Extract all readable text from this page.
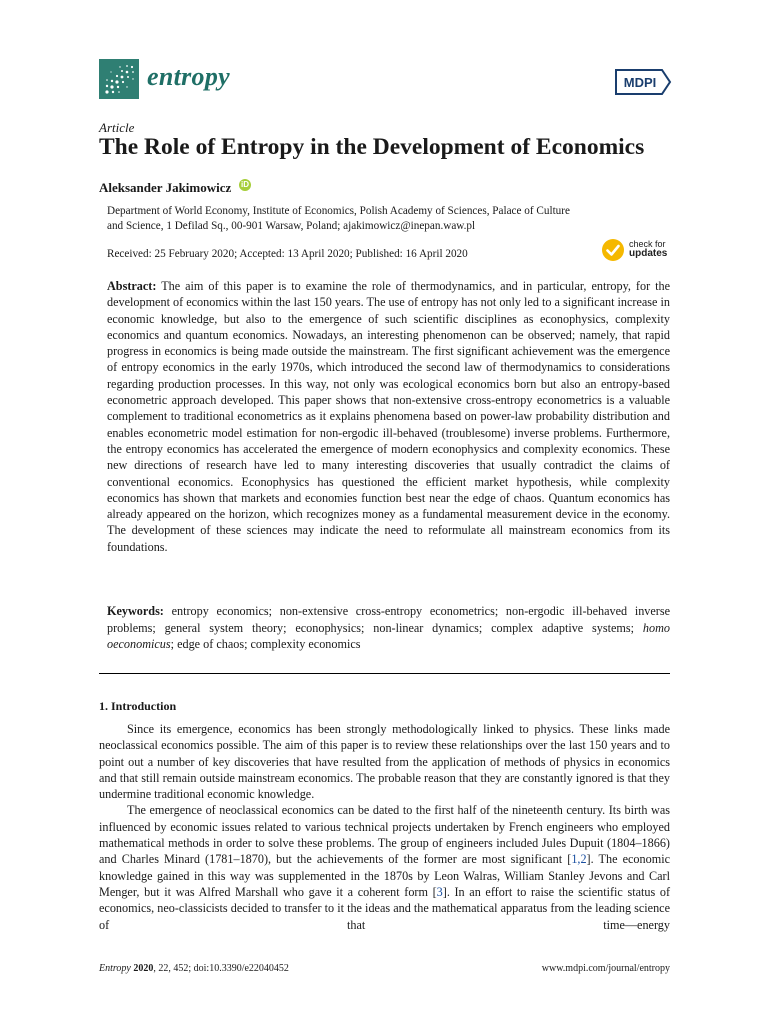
entropy	MDPI
Article
The Role of Entropy in the Development of Economics
Aleksander Jakimowicz iD
Department of World Economy, Institute of Economics, Polish Academy of Sciences, Palace of Culture
and Science, 1 Defilad Sq., 00-901 Warsaw, Poland; ajakimowicz@inepan.waw.pl
Received: 25 February 2020; Accepted: 13 April 2020; Published: 16 April 2020
check for
updates
Abstract: The aim of this paper is to examine the role of thermodynamics, and in particular, entropy, for the development of economics within the last 150 years. The use of entropy has not only led to a significant increase in economic knowledge, but also to the emergence of such scientific disciplines as econophysics, complexity economics and quantum economics. Nowadays, an interesting phenomenon can be observed; namely, that rapid progress in economics is being made outside the mainstream. The first significant achievement was the emergence of entropy economics in the early 1970s, which introduced the second law of thermodynamics to considerations regarding production processes. In this way, not only was ecological economics born but also an entropy-based econometric approach developed. This paper shows that non-extensive cross-entropy econometrics is a valuable complement to traditional econometrics as it explains phenomena based on power-law probability distribution and enables econometric model estimation for non-ergodic ill-behaved (troublesome) inverse problems. Furthermore, the entropy economics has accelerated the emergence of modern econophysics and complexity economics. These new directions of research have led to many interesting discoveries that usually contradict the claims of conventional economics. Econophysics has questioned the efficient market hypothesis, while complexity economics has shown that markets and economies function best near the edge of chaos. Quantum economics has already appeared on the horizon, which recognizes money as a fundamental measurement device in the economy. The development of these sciences may indicate the need to reformulate all mainstream economics from its foundations.
Keywords: entropy economics; non-extensive cross-entropy econometrics; non-ergodic ill-behaved inverse problems; general system theory; econophysics; non-linear dynamics; complex adaptive systems; homo oeconomicus; edge of chaos; complexity economics
1. Introduction

Since its emergence, economics has been strongly methodologically linked to physics. These links made neoclassical economics possible. The aim of this paper is to review these relationships over the last 150 years and to point out a number of key discoveries that have resulted from the application of methods of physics in economics and that still remain outside mainstream economics. The probable reason that they are constantly ignored is that they undermine traditional economic knowledge.

The emergence of neoclassical economics can be dated to the first half of the nineteenth century. Its birth was influenced by economic issues related to various technical projects undertaken by French engineers who employed mathematical methods in order to solve these problems. The group of engineers included Jules Dupuit (1804–1866) and Charles Minard (1781–1870), but the achievements of the former are most significant [1,2]. The economic knowledge gained in this way was supplemented in the 1870s by Leon Walras, William Stanley Jevons and Carl Menger, but it was Alfred Marshall who gave it a coherent form [3]. In an effort to raise the scientific status of economics, neo-classicists decided to transfer to it the ideas and the mathematical apparatus from the leading science of that time—energy

Entropy 2020, 22, 452; doi:10.3390/e22040452	www.mdpi.com/journal/entropy
